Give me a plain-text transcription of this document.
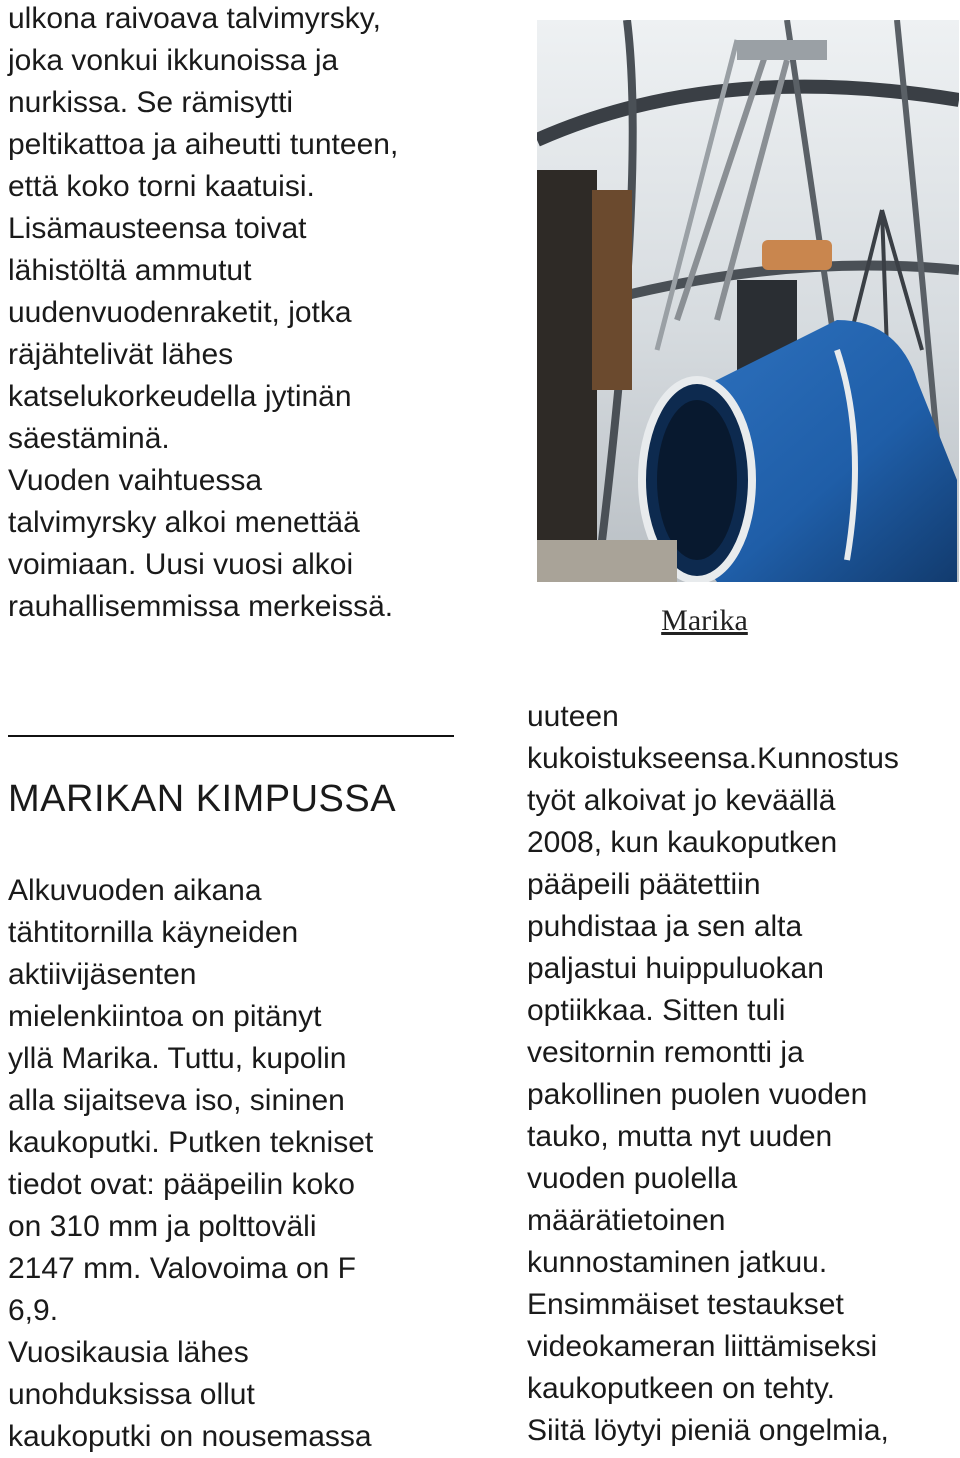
ulkona raivoava talvimyrsky,
joka vonkui ikkunoissa ja
nurkissa. Se rämisytti
peltikattoa ja aiheutti tunteen,
että koko torni kaatuisi.
Lisämausteensa toivat
lähistöltä ammutut
uudenvuodenraketit, jotka
räjähtelivät lähes
katselukorkeudella jytinän
säestäminä.
Vuoden vaihtuessa
talvimyrsky alkoi menettää
voimiaan. Uusi vuosi alkoi
rauhallisemmissa merkeissä.	Marika
MARIKAN KIMPUSSA
Alkuvuoden aikana
tähtitornilla käyneiden
aktiivijäsenten
mielenkiintoa on pitänyt
yllä Marika. Tuttu, kupolin
alla sijaitseva iso, sininen
kaukoputki. Putken tekniset
tiedot ovat: pääpeilin koko
on 310 mm ja polttoväli
2147 mm. Valovoima on F
6,9.
Vuosikausia lähes
unohduksissa ollut
kaukoputki on nousemassa
uuteen
kukoistukseensa.Kunnostus
työt alkoivat jo keväällä
2008, kun kaukoputken
pääpeili päätettiin
puhdistaa ja sen alta
paljastui huippuluokan
optiikkaa. Sitten tuli
vesitornin remontti ja
pakollinen puolen vuoden
tauko, mutta nyt uuden
vuoden puolella
määrätietoinen
kunnostaminen jatkuu.
Ensimmäiset testaukset
videokameran liittämiseksi
kaukoputkeen on tehty.
Siitä löytyi pieniä ongelmia,
